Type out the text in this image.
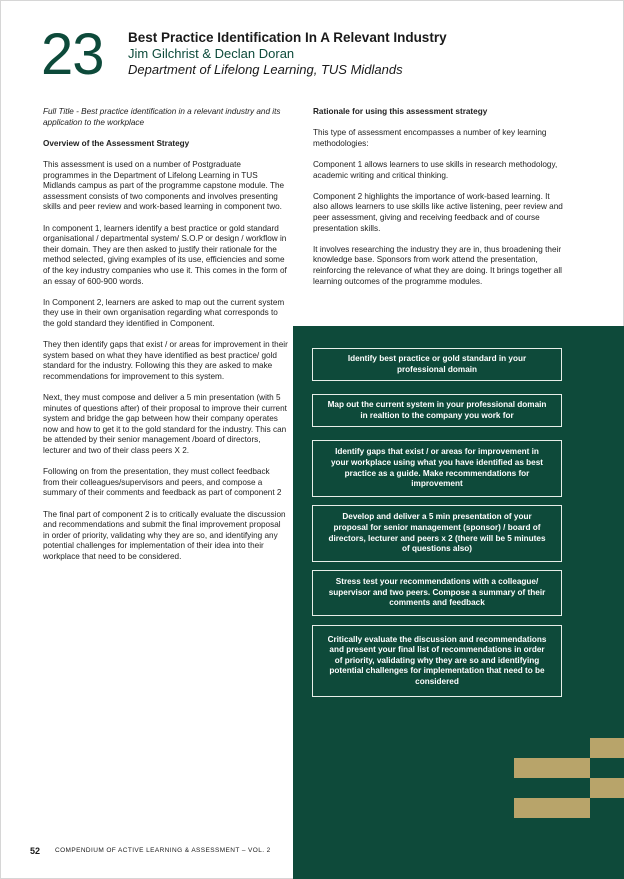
23 Best Practice Identification In A Relevant Industry
Jim Gilchrist & Declan Doran
Department of Lifelong Learning, TUS Midlands

Full Title - Best practice identification in a relevant industry and its application to the workplace

Overview of the Assessment Strategy

This assessment is used on a number of Postgraduate programmes in the Department of Lifelong Learning in TUS Midlands campus as part of the programme capstone module. The assessment consists of two components and involves presenting skills and peer review and work-based learning in component two.

In component 1, learners identify a best practice or gold standard organisational / departmental system/ S.O.P or design / workflow in their domain. They are then asked to justify their rationale for the method selected, giving examples of its use, efficiencies and some of the key industry companies who use it. This comes in the form of an essay of 600-900 words.

In Component 2, learners are asked to map out the current system they use in their own organisation regarding what corresponds to the gold standard they identified in Component.

They then identify gaps that exist / or areas for improvement in their system based on what they have identified as best practice/ gold standard for the industry. Following this they are asked to make recommendations for improvement to this system.

Next, they must compose and deliver a 5 min presentation (with 5 minutes of questions after) of their proposal to improve their current system and bridge the gap between how their company operates now and how to get it to the gold standard for the industry. This can be attended by their senior management /board of directors, lecturer and two of their class peers X 2.

Following on from the presentation, they must collect feedback from their colleagues/supervisors and peers, and compose a summary of their comments and feedback as part of component 2

The final part of component 2 is to critically evaluate the discussion and recommendations and submit the final improvement proposal in order of priority, validating why they are so, and identifying any potential challenges for implementation of their idea into their workplace that need to be considered.

Rationale for using this assessment strategy

This type of assessment encompasses a number of key learning methodologies:

Component 1 allows learners to use skills in research methodology, academic writing and critical thinking.

Component 2 highlights the importance of work-based learning. It also allows learners to use skills like active listening, peer review and peer assessment, giving and receiving feedback and of course presentation skills.

It involves researching the industry they are in, thus broadening their knowledge base. Sponsors from work attend the presentation, reinforcing the relevance of what they are doing. It brings together all learning outcomes of the programme modules.

Identify best practice or gold standard in your professional domain
Map out the current system in your professional domain in realtion to the company you work for
Identify gaps that exist / or areas for improvement in your workplace using what you have identified as best practice as a guide. Make recommendations for improvement
Develop and deliver a 5 min presentation of your proposal for senior management (sponsor) / board of directors, lecturer and peers x 2 (there will be 5 minutes of questions also)
Stress test your recommendations with a colleague/ supervisor and two peers. Compose a summary of their comments and feedback
Critically evaluate the discussion and recommendations and present your final list of recommendations in order of priority, validating why they are so and identifying potential challenges for implementation that need to be considered
52 COMPENDIUM OF ACTIVE LEARNING & ASSESSMENT – VOL. 2
